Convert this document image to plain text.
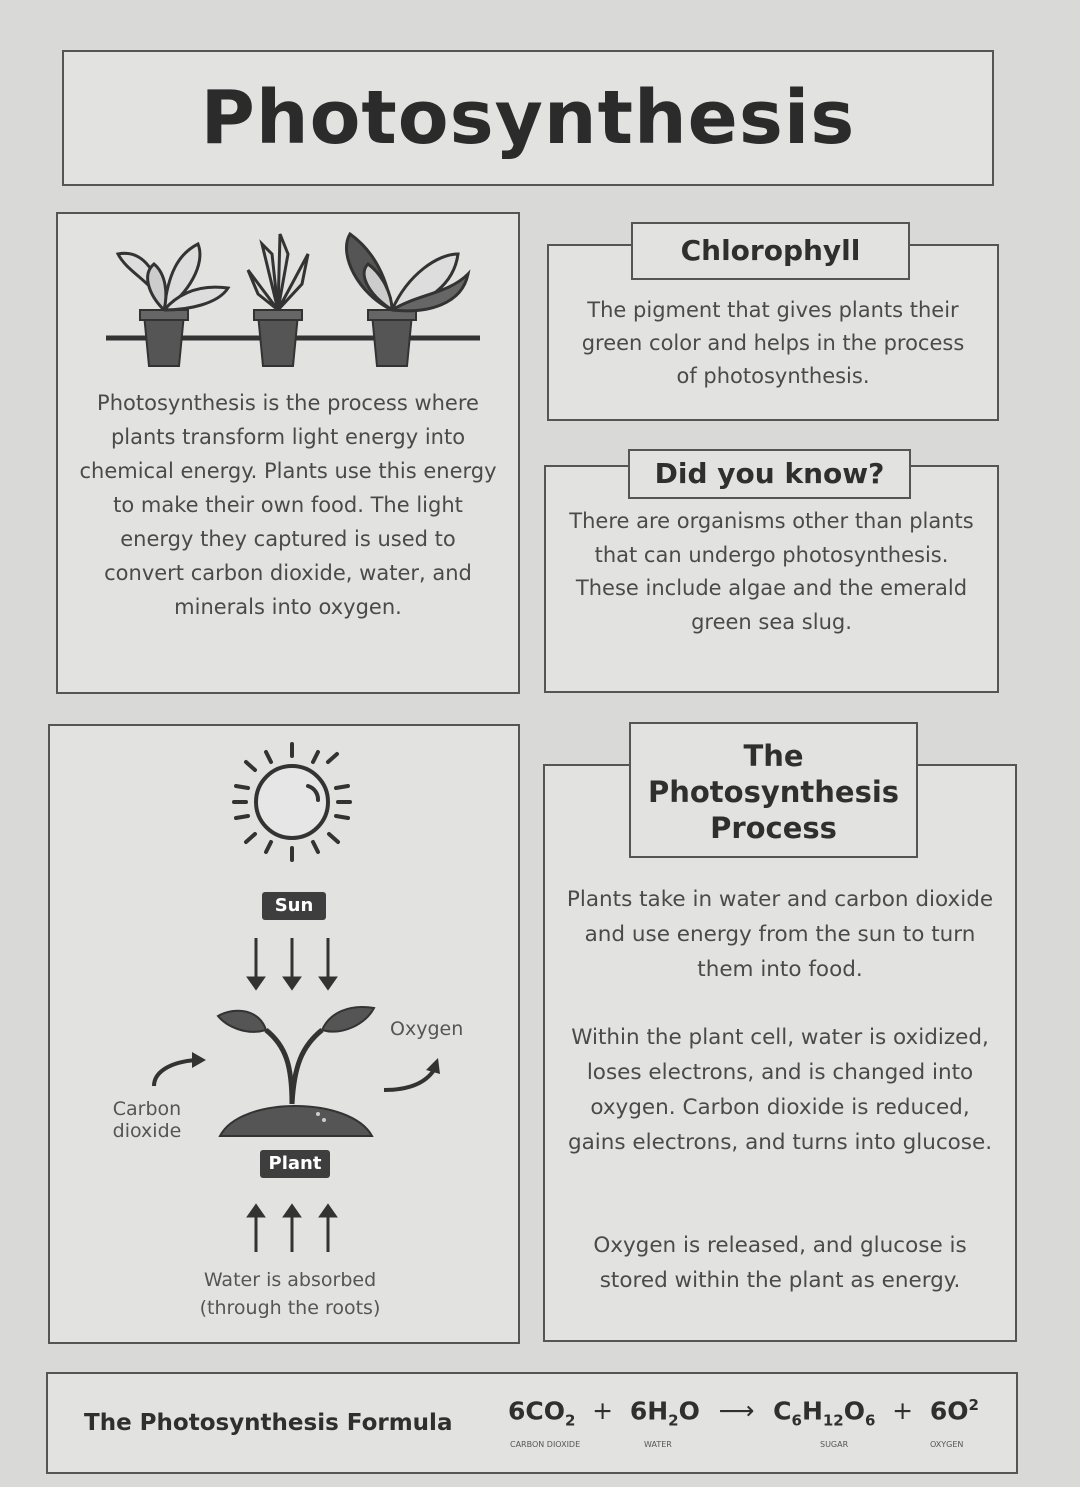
Photosynthesis
Photosynthesis is the process where plants transform light energy into chemical energy. Plants use this energy to make their own food. The light energy they captured is used to convert carbon dioxide, water, and minerals into oxygen.
The pigment that gives plants their green color and helps in the process of photosynthesis.
Chlorophyll
There are organisms other than plants that can undergo photosynthesis. These include algae and the emerald green sea slug.
Did you know?
Sun
Plant
Oxygen
Carbon
dioxide
Water is absorbed
(through the roots)
Plants take in water and carbon dioxide and use energy from the sun to turn them into food.
Within the plant cell, water is oxidized, loses electrons, and is changed into oxygen. Carbon dioxide is reduced, gains electrons, and turns into glucose.
Oxygen is released, and glucose is stored within the plant as energy.
The
Photosynthesis
Process
The Photosynthesis Formula $6CO_2 + 6H_2O$ ⟶ $C_6H_{12}O_6 + 6O^2$
CARBON DIOXIDE	WATER	SUGAR	OXYGEN
